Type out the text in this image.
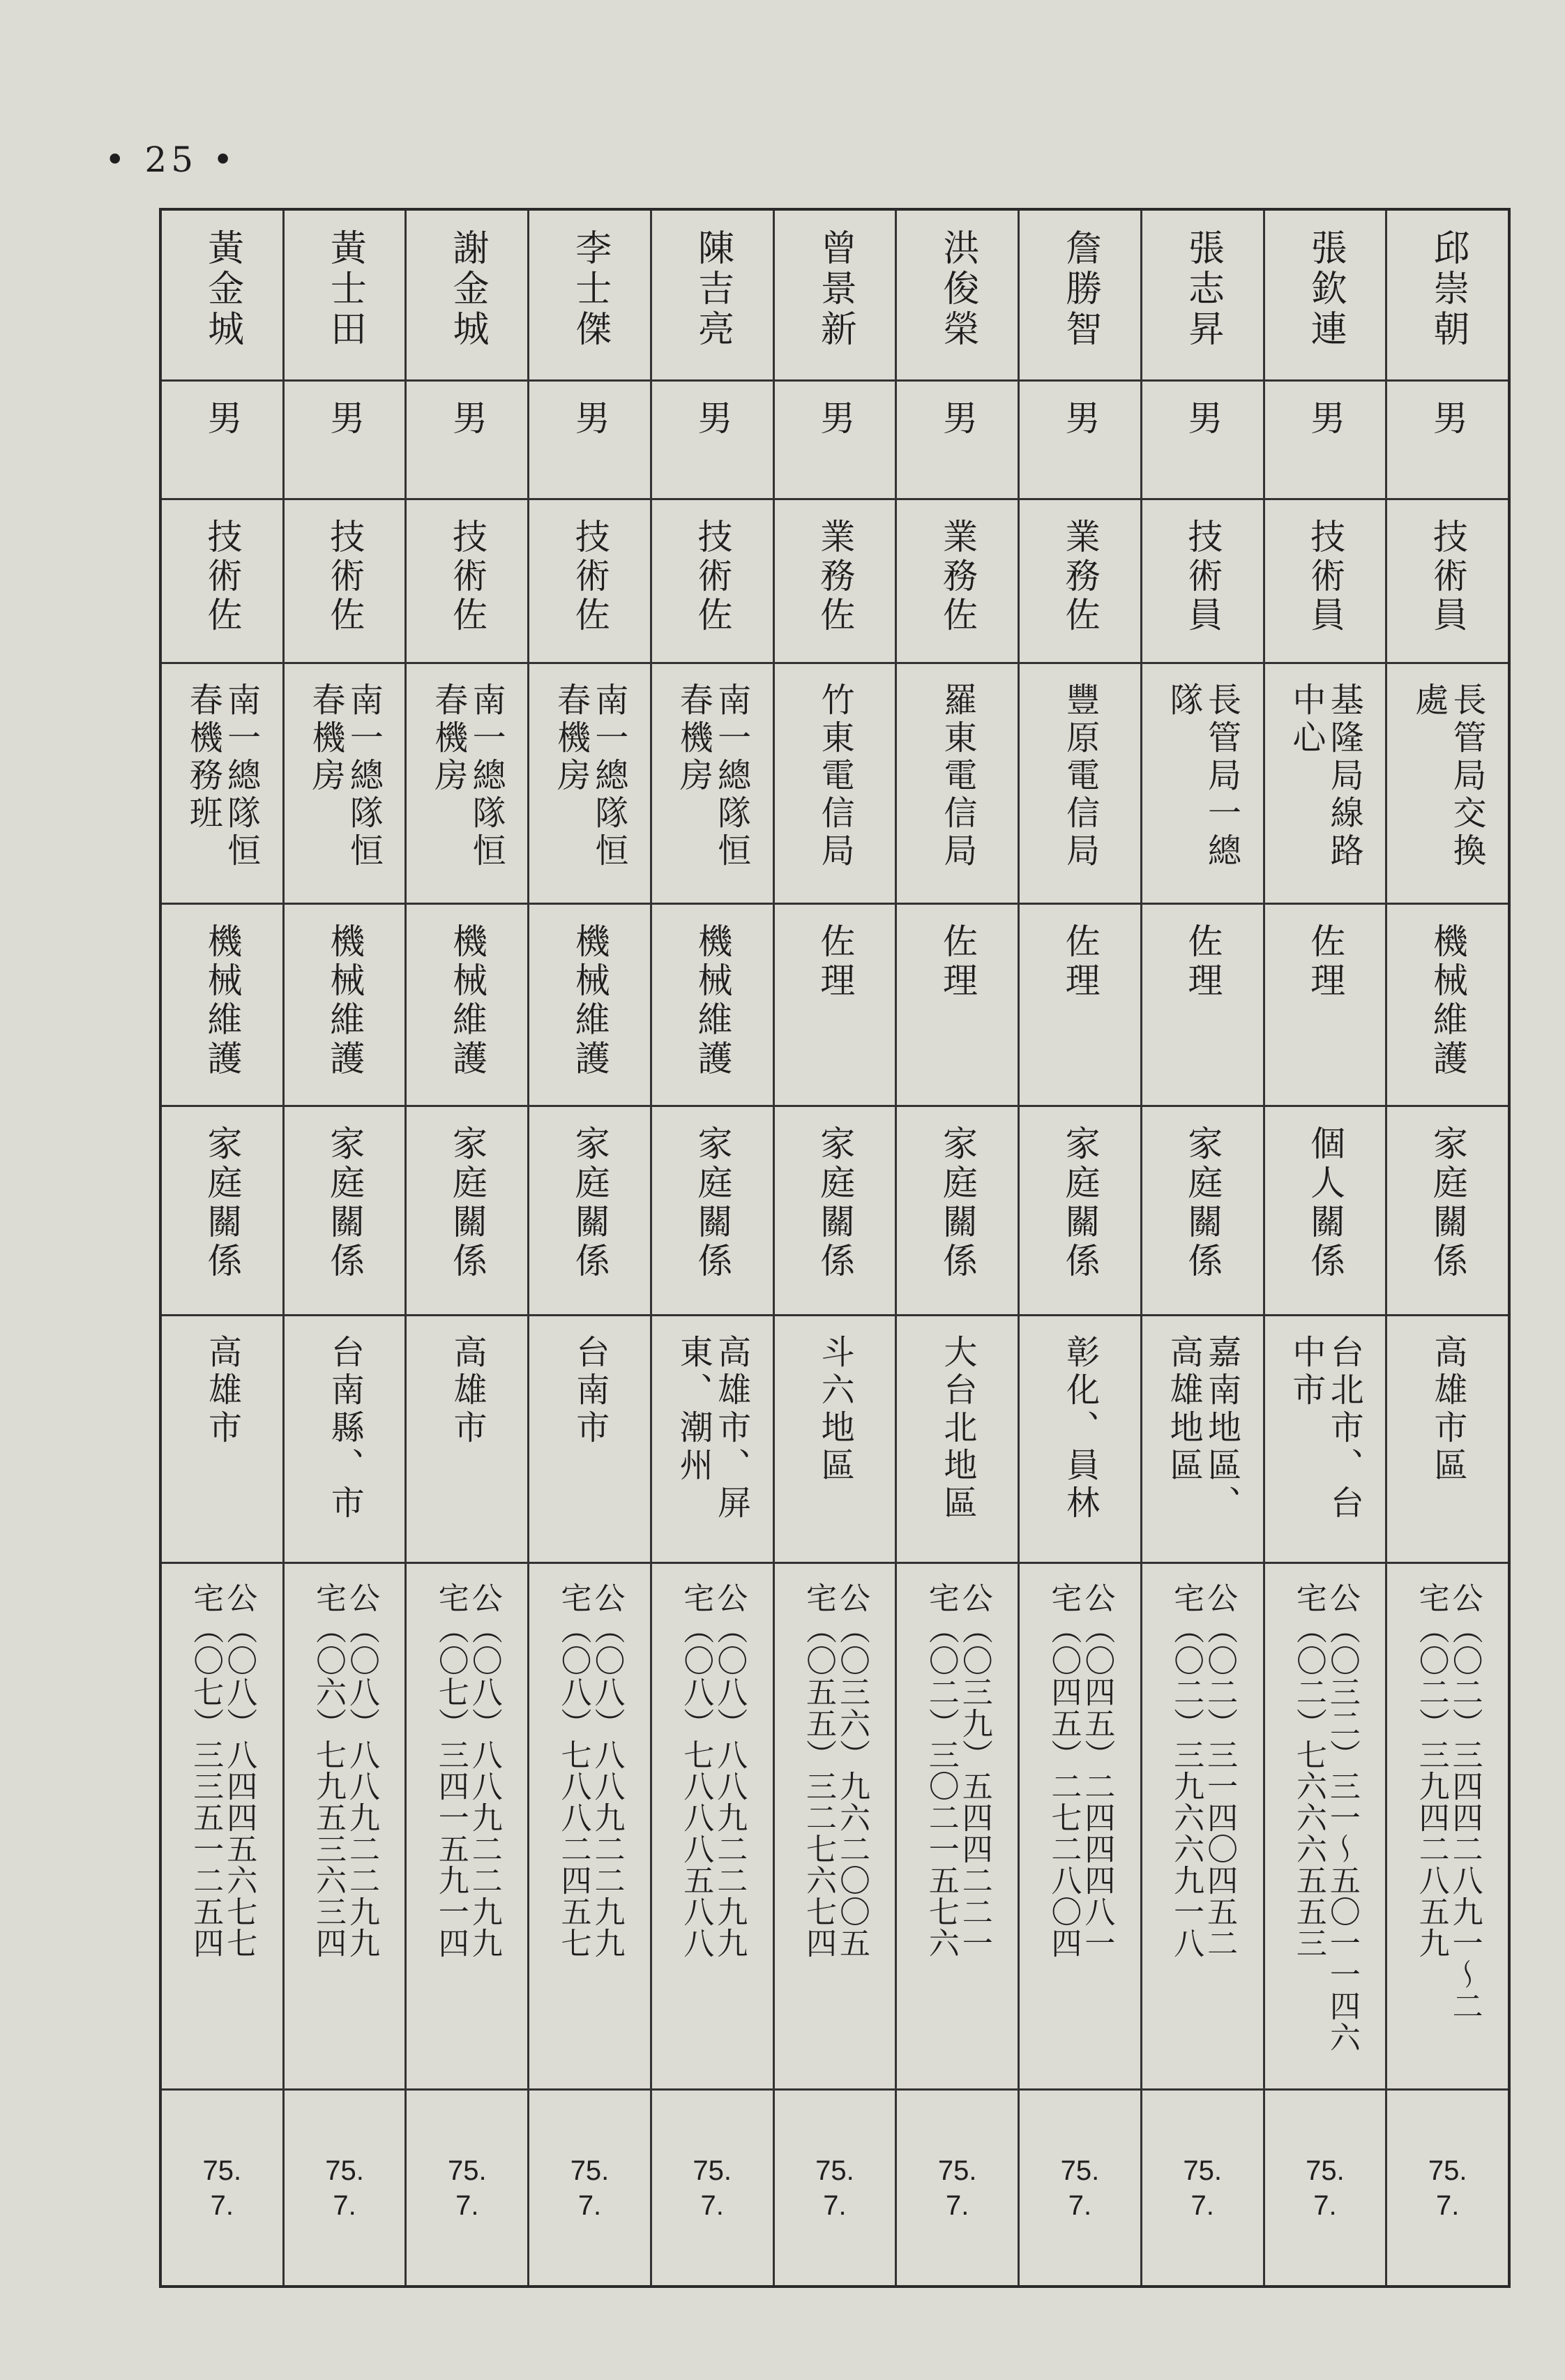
• 25 •
邱崇朝
男
技術員
長管局交換
處
機械維護
家庭關係
高雄市區
公（〇二）三四四二八九一〜二
宅（〇二）三九四二八五九
75.
7.
張欽連
男
技術員
基隆局線路
中心
佐理
個人關係
台北市、台
中市
公（〇三二）三一〜五〇一一四六
宅（〇二）七六六六五五三
75.
7.
張志昇
男
技術員
長管局一總
隊
佐理
家庭關係
嘉南地區、
高雄地區
公（〇二）三一四〇四五二
宅（〇二）三九六六九一八
75.
7.
詹勝智
男
業務佐
豐原電信局
佐理
家庭關係
彰化、員林
公（〇四五）二四四四八一
宅（〇四五）二七二八〇四
75.
7.
洪俊榮
男
業務佐
羅東電信局
佐理
家庭關係
大台北地區
公（〇三九）五四四二二一
宅（〇二）三〇二一五七六
75.
7.
曾景新
男
業務佐
竹東電信局
佐理
家庭關係
斗六地區
公（〇三六）九六二〇〇五
宅（〇五五）三二七六七四
75.
7.
陳吉亮
男
技術佐
南一總隊恒
春機房
機械維護
家庭關係
高雄市、屏
東、潮州
公（〇八）八八九二二九九
宅（〇八）七八八八五八八
75.
7.
李士傑
男
技術佐
南一總隊恒
春機房
機械維護
家庭關係
台南市
公（〇八）八八九二二九九
宅（〇八）七八八二四五七
75.
7.
謝金城
男
技術佐
南一總隊恒
春機房
機械維護
家庭關係
高雄市
公（〇八）八八九二二九九
宅（〇七）三四一五九一四
75.
7.
黃士田
男
技術佐
南一總隊恒
春機房
機械維護
家庭關係
台南縣、市
公（〇八）八八九二二九九
宅（〇六）七九五三六三四
75.
7.
黃金城
男
技術佐
南一總隊恒
春機務班
機械維護
家庭關係
高雄市
公（〇八）八四四五六七七
宅（〇七）三三五一二五四
75.
7.
